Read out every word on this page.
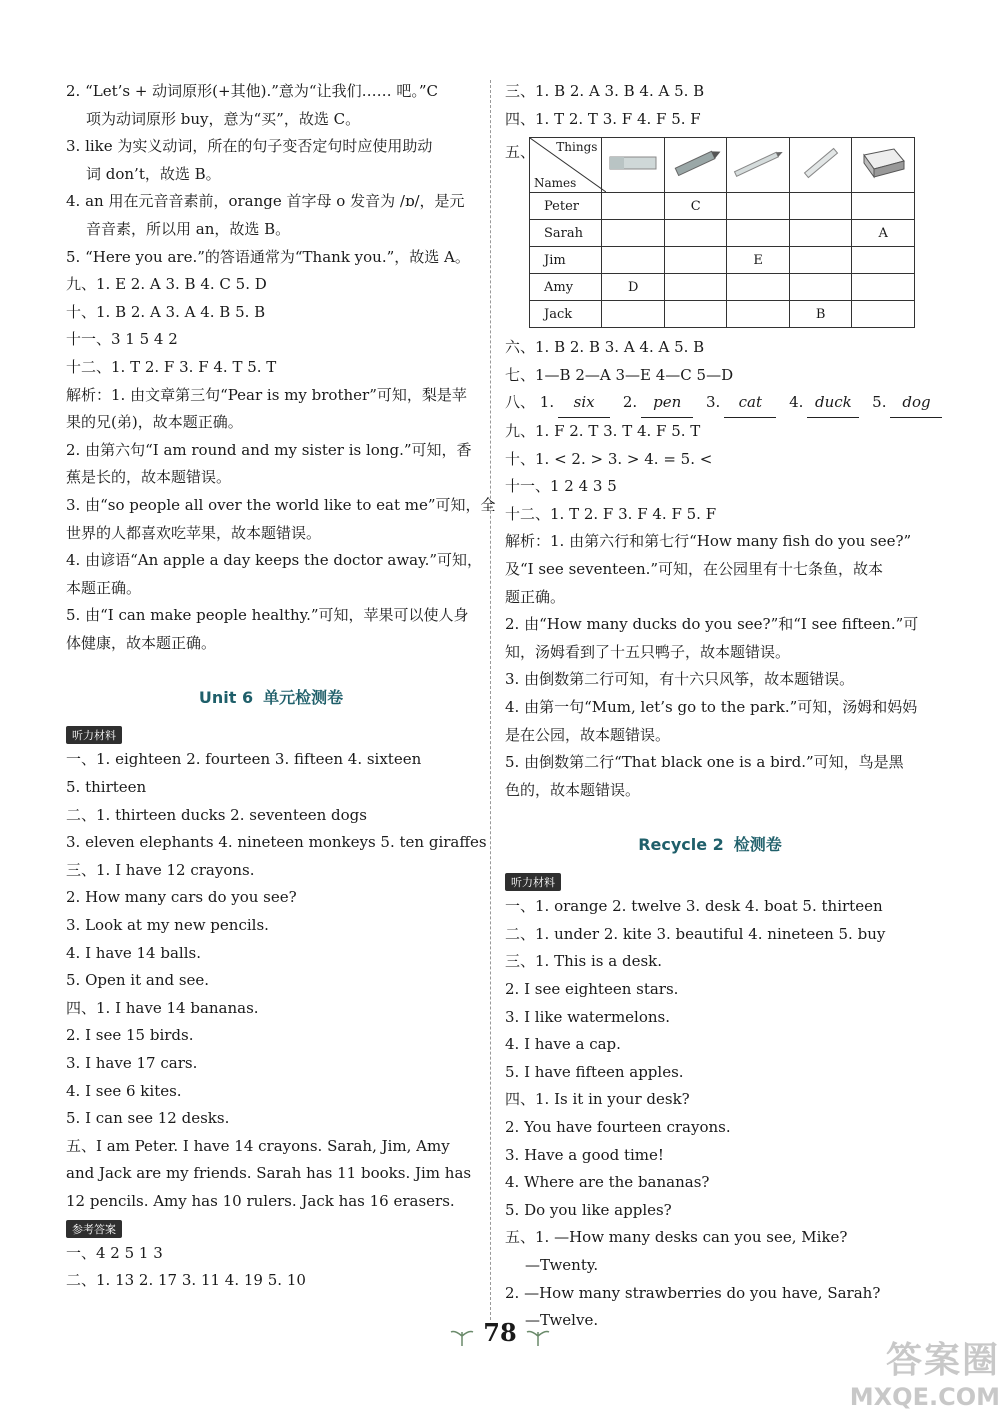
2. “Let’s + 动词原形(+其他).”意为“让我们…… 吧。”C

项为动词原形 buy，意为“买”，故选 C。

3. like 为实义动词，所在的句子变否定句时应使用助动

词 don’t，故选 B。

4. an 用在元音音素前，orange 首字母 o 发音为 /ɒ/，是元

音音素，所以用 an，故选 B。

5. “Here you are.”的答语通常为“Thank you.”，故选 A。

九、1. E 2. A 3. B 4. C 5. D

十、1. B 2. A 3. A 4. B 5. B

十一、3 1 5 4 2

十二、1. T 2. F 3. F 4. T 5. T

解析：1. 由文章第三句“Pear is my brother”可知，梨是苹

果的兄(弟)，故本题正确。

2. 由第六句“I am round and my sister is long.”可知，香

蕉是长的，故本题错误。

3. 由“so people all over the world like to eat me”可知，全

世界的人都喜欢吃苹果，故本题错误。

4. 由谚语“An apple a day keeps the doctor away.”可知，

本题正确。

5. 由“I can make people healthy.”可知，苹果可以使人身

体健康，故本题正确。

Unit 6 单元检测卷
听力材料

一、1. eighteen 2. fourteen 3. fifteen 4. sixteen

5. thirteen

二、1. thirteen ducks 2. seventeen dogs

3. eleven elephants 4. nineteen monkeys 5. ten giraffes

三、1. I have 12 crayons.

2. How many cars do you see?

3. Look at my new pencils.

4. I have 14 balls.

5. Open it and see.

四、1. I have 14 bananas.

2. I see 15 birds.

3. I have 17 cars.

4. I see 6 kites.

5. I can see 12 desks.

五、I am Peter. I have 14 crayons. Sarah, Jim, Amy and Jack are my friends. Sarah has 11 books. Jim has 12 pencils. Amy has 10 rulers. Jack has 16 erasers.

参考答案

一、4 2 5 1 3

二、1. 13 2. 17 3. 11 4. 19 5. 10

三、1. B 2. A 3. B 4. A 5. B

四、1. T 2. T 3. F 4. F 5. F

五、 Things
Names

Peter		C			
Sarah					A
Jim			E		
Amy	D				
Jack				B	

六、1. B 2. B 3. A 4. A 5. B

七、1—B 2—A 3—E 4—C 5—D

八、 1. six 2. pen 3. cat 4. duck 5. dog

九、1. F 2. T 3. T 4. F 5. T

十、1. < 2. > 3. > 4. = 5. <

十一、1 2 4 3 5

十二、1. T 2. F 3. F 4. F 5. F

解析：1. 由第六行和第七行“How many fish do you see?”

及“I see seventeen.”可知，在公园里有十七条鱼，故本

题正确。

2. 由“How many ducks do you see?”和“I see fifteen.”可

知，汤姆看到了十五只鸭子，故本题错误。

3. 由倒数第二行可知，有十六只风筝，故本题错误。

4. 由第一句“Mum, let’s go to the park.”可知，汤姆和妈妈

是在公园，故本题错误。

5. 由倒数第二行“That black one is a bird.”可知，鸟是黑

色的，故本题错误。

Recycle 2 检测卷
听力材料

一、1. orange 2. twelve 3. desk 4. boat 5. thirteen

二、1. under 2. kite 3. beautiful 4. nineteen 5. buy

三、1. This is a desk.

2. I see eighteen stars.

3. I like watermelons.

4. I have a cap.

5. I have fifteen apples.

四、1. Is it in your desk?

2. You have fourteen crayons.

3. Have a good time!

4. Where are the bananas?

5. Do you like apples?

五、1. —How many desks can you see, Mike?

—Twenty.

2. —How many strawberries do you have, Sarah?

—Twelve.

78
答案圈
MXQE.COM
